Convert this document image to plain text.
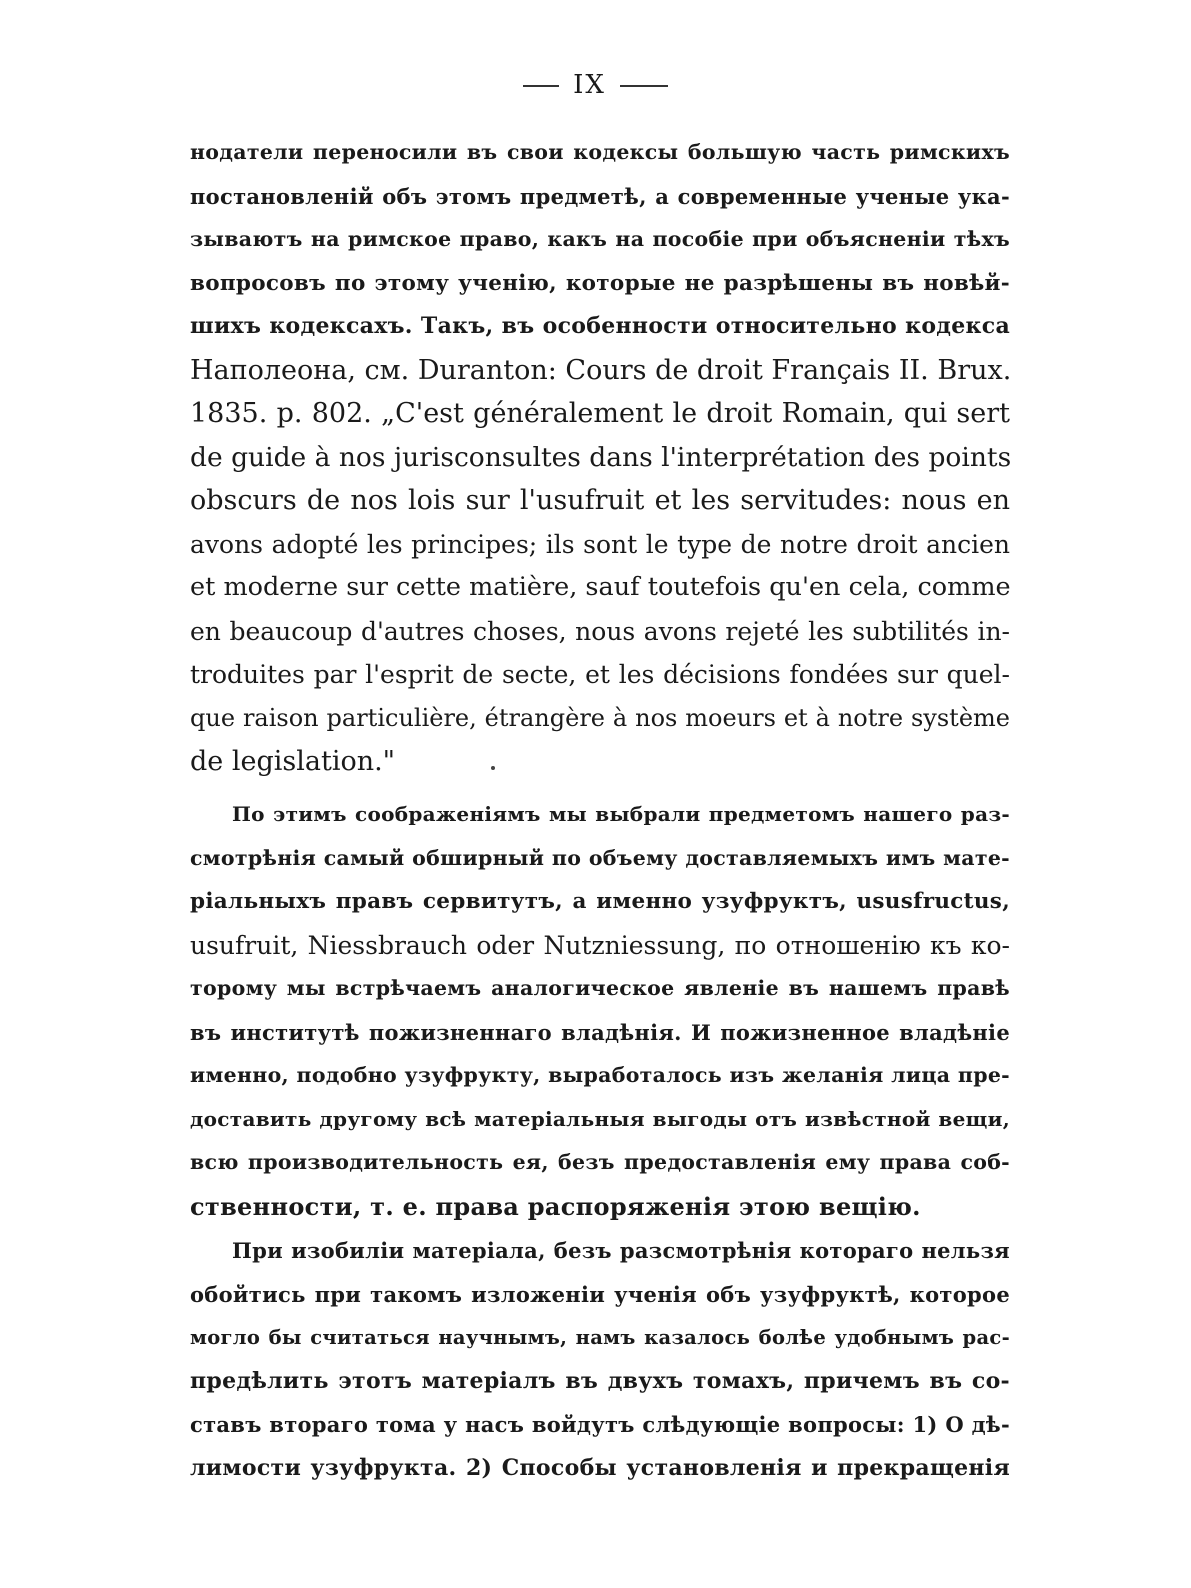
IX
нодатели переносили въ свои кодексы большую часть римскихъ
постановленій объ этомъ предметѣ, а современные ученые ука-
зываютъ на римское право, какъ на пособіе при объясненіи тѣхъ
вопросовъ по этому ученію, которые не разрѣшены въ новѣй-
шихъ кодексахъ. Такъ, въ особенности относительно кодекса
Наполеона, см. Duranton: Cours de droit Français II. Brux.
1835. p. 802. „C'est généralement le droit Romain, qui sert
de guide à nos jurisconsultes dans l'interprétation des points
obscurs de nos lois sur l'usufruit et les servitudes: nous en
avons adopté les principes; ils sont le type de notre droit ancien
et moderne sur cette matière, sauf toutefois qu'en cela, comme
en beaucoup d'autres choses, nous avons rejeté les subtilités in-
troduites par l'esprit de secte, et les décisions fondées sur quel-
que raison particulière, étrangère à nos moeurs et à notre système
de legislation."
По этимъ соображеніямъ мы выбрали предметомъ нашего раз-
смотрѣнія самый обширный по объему доставляемыхъ имъ мате-
ріальныхъ правъ сервитутъ, а именно узуфруктъ, ususfructus,
usufruit, Niessbrauch oder Nutzniessung, по отношенію къ ко-
торому мы встрѣчаемъ аналогическое явленіе въ нашемъ правѣ
въ институтѣ пожизненнаго владѣнія. И пожизненное владѣніе
именно, подобно узуфрукту, выработалось изъ желанія лица пре-
доставить другому всѣ матеріальныя выгоды отъ извѣстной вещи,
всю производительность ея, безъ предоставленія ему права соб-
ственности, т. е. права распоряженія этою вещію.
При изобиліи матеріала, безъ разсмотрѣнія котораго нельзя
обойтись при такомъ изложеніи ученія объ узуфруктѣ, которое
могло бы считаться научнымъ, намъ казалось болѣе удобнымъ рас-
предѣлить этотъ матеріалъ въ двухъ томахъ, причемъ въ со-
ставъ втораго тома у насъ войдутъ слѣдующіе вопросы: 1) О дѣ-
лимости узуфрукта. 2) Способы установленія и прекращенія
